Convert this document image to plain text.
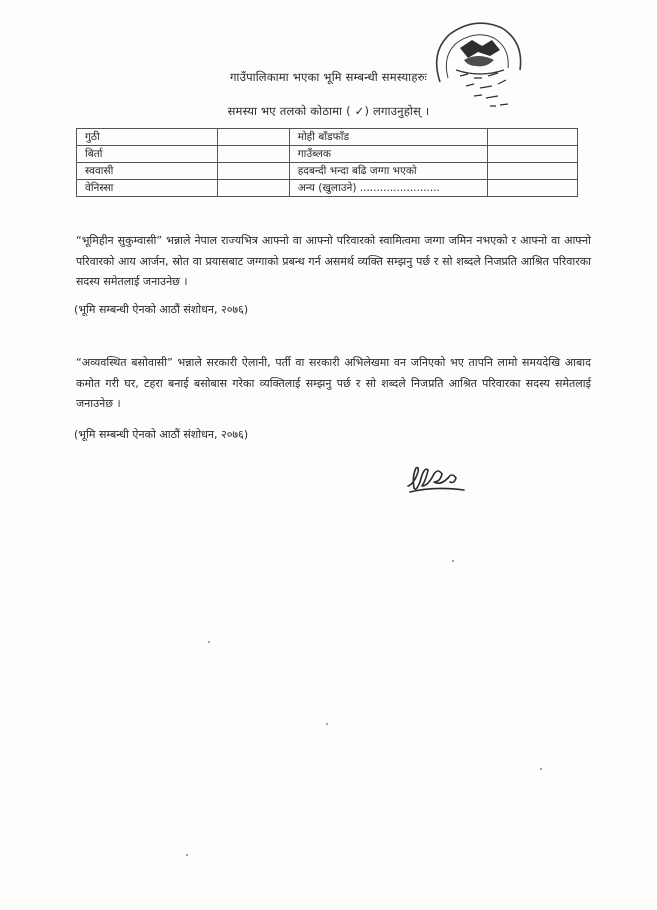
गाउँपालिकामा भएका भूमि सम्बन्धी समस्याहरुः
समस्या भए तलको कोठामा ( ✓) लगाउनुहोस् ।
गुठी		मोही बाँडफाँड	
बिर्ता		गाउँब्लक	
स्ववासी		हदबन्दी भन्दा बढि जग्गा भएको	
वेनिस्सा		अन्य (खुलाउने) ........................	
“भूमिहीन सुकुम्वासी” भन्नाले नेपाल राज्यभित्र आफ्नो वा आफ्नो परिवारको स्वामित्वमा जग्गा जमिन नभएको र आफ्नो वा आफ्नो परिवारको आय आर्जन, स्रोत वा प्रयासबाट जग्गाको प्रबन्ध गर्न असमर्थ व्यक्ति सम्झनु पर्छ र सो शब्दले निजप्रति आश्रित परिवारका सदस्य समेतलाई जनाउनेछ ।
(भूमि सम्बन्धी ऐनको आठौं संशोधन, २०७६)
“अव्यवस्थित बसोवासी” भन्नाले सरकारी ऐलानी, पर्ती वा सरकारी अभिलेखमा वन जनिएको भए तापनि लामो समयदेखि आबाद कमोत गरी घर, टहरा बनाई बसोबास गरेका व्यक्तिलाई सम्झनु पर्छ र सो शब्दले निजप्रति आश्रित परिवारका सदस्य समेतलाई जनाउनेछ ।
(भूमि सम्बन्धी ऐनको आठौं संशोधन, २०७६)
